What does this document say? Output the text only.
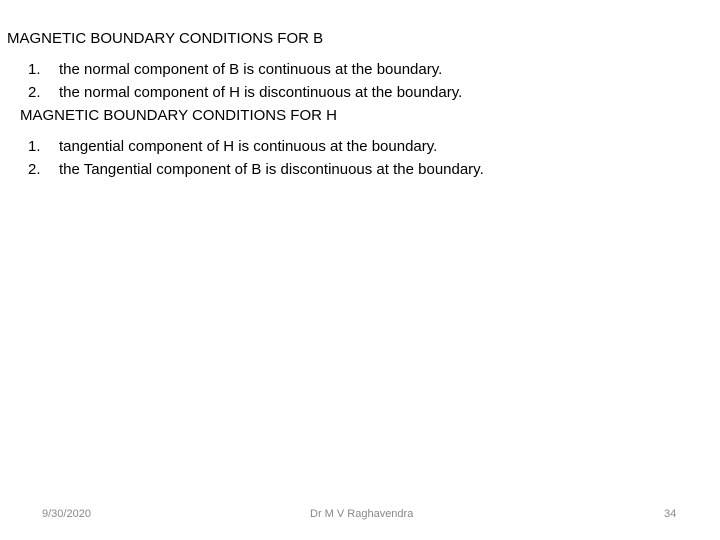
MAGNETIC BOUNDARY CONDITIONS FOR B
1.	the normal component of B is continuous at the boundary.
2.	the normal component of H is discontinuous at the boundary.
MAGNETIC BOUNDARY CONDITIONS FOR H
1.	tangential component of H is continuous at the boundary.
2.	the Tangential component of B is discontinuous at the boundary.
9/30/2020	Dr M V Raghavendra	34
